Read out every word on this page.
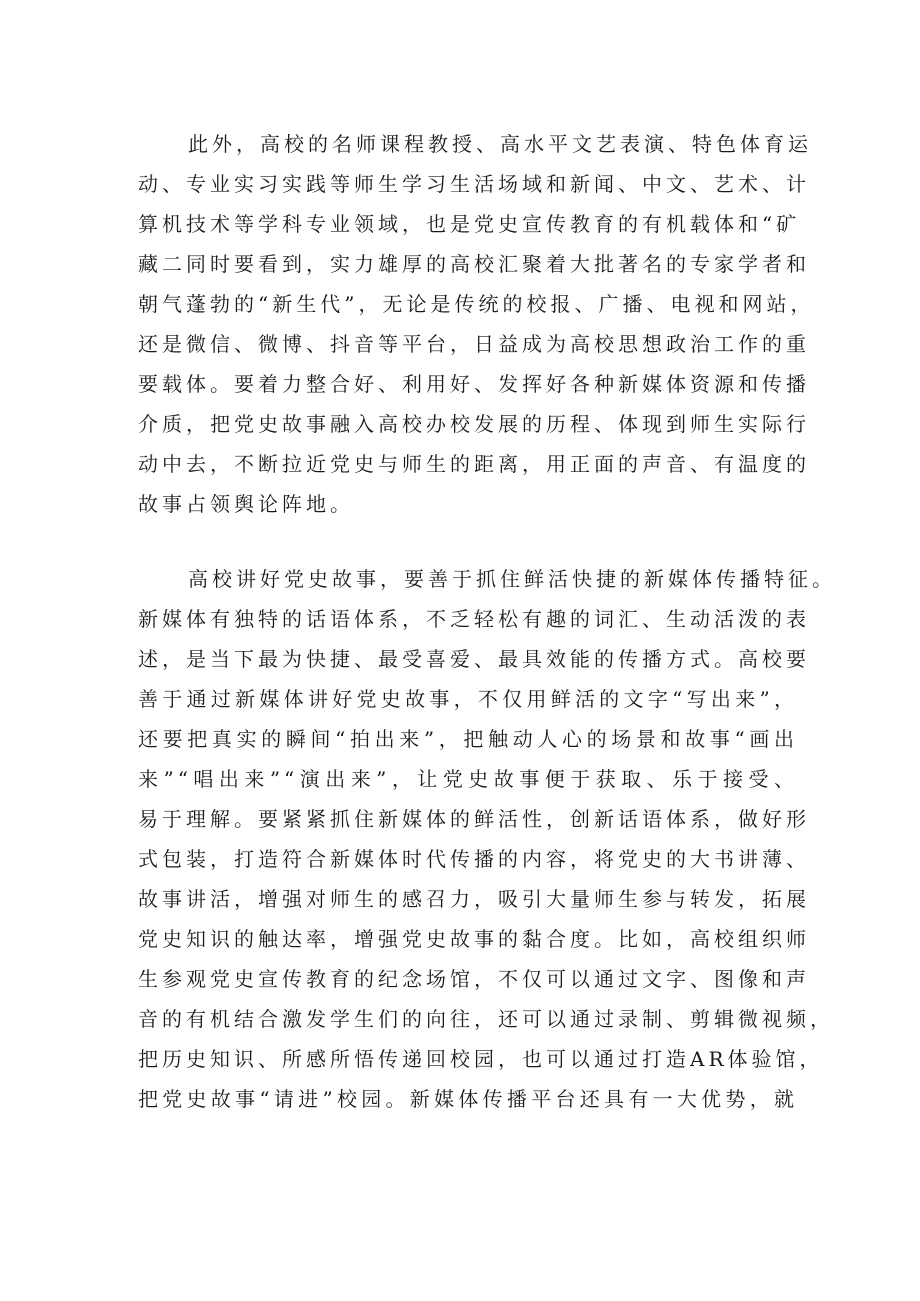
此外，高校的名师课程教授、高水平文艺表演、特色体育运
动、专业实习实践等师生学习生活场域和新闻、中文、艺术、计
算机技术等学科专业领域，也是党史宣传教育的有机载体和“矿
藏二同时要看到，实力雄厚的高校汇聚着大批著名的专家学者和
朝气蓬勃的“新生代”，无论是传统的校报、广播、电视和网站，
还是微信、微博、抖音等平台，日益成为高校思想政治工作的重
要载体。要着力整合好、利用好、发挥好各种新媒体资源和传播
介质，把党史故事融入高校办校发展的历程、体现到师生实际行
动中去，不断拉近党史与师生的距离，用正面的声音、有温度的
故事占领舆论阵地。
高校讲好党史故事，要善于抓住鲜活快捷的新媒体传播特征。
新媒体有独特的话语体系，不乏轻松有趣的词汇、生动活泼的表
述，是当下最为快捷、最受喜爱、最具效能的传播方式。高校要
善于通过新媒体讲好党史故事，不仅用鲜活的文字“写出来”，
还要把真实的瞬间“拍出来”，把触动人心的场景和故事“画出
来”“唱出来”“演出来”，让党史故事便于获取、乐于接受、
易于理解。要紧紧抓住新媒体的鲜活性，创新话语体系，做好形
式包装，打造符合新媒体时代传播的内容，将党史的大书讲薄、
故事讲活，增强对师生的感召力，吸引大量师生参与转发，拓展
党史知识的触达率，增强党史故事的黏合度。比如，高校组织师
生参观党史宣传教育的纪念场馆，不仅可以通过文字、图像和声
音的有机结合激发学生们的向往，还可以通过录制、剪辑微视频，
把历史知识、所感所悟传递回校园，也可以通过打造AR体验馆，
把党史故事“请进”校园。新媒体传播平台还具有一大优势，就
